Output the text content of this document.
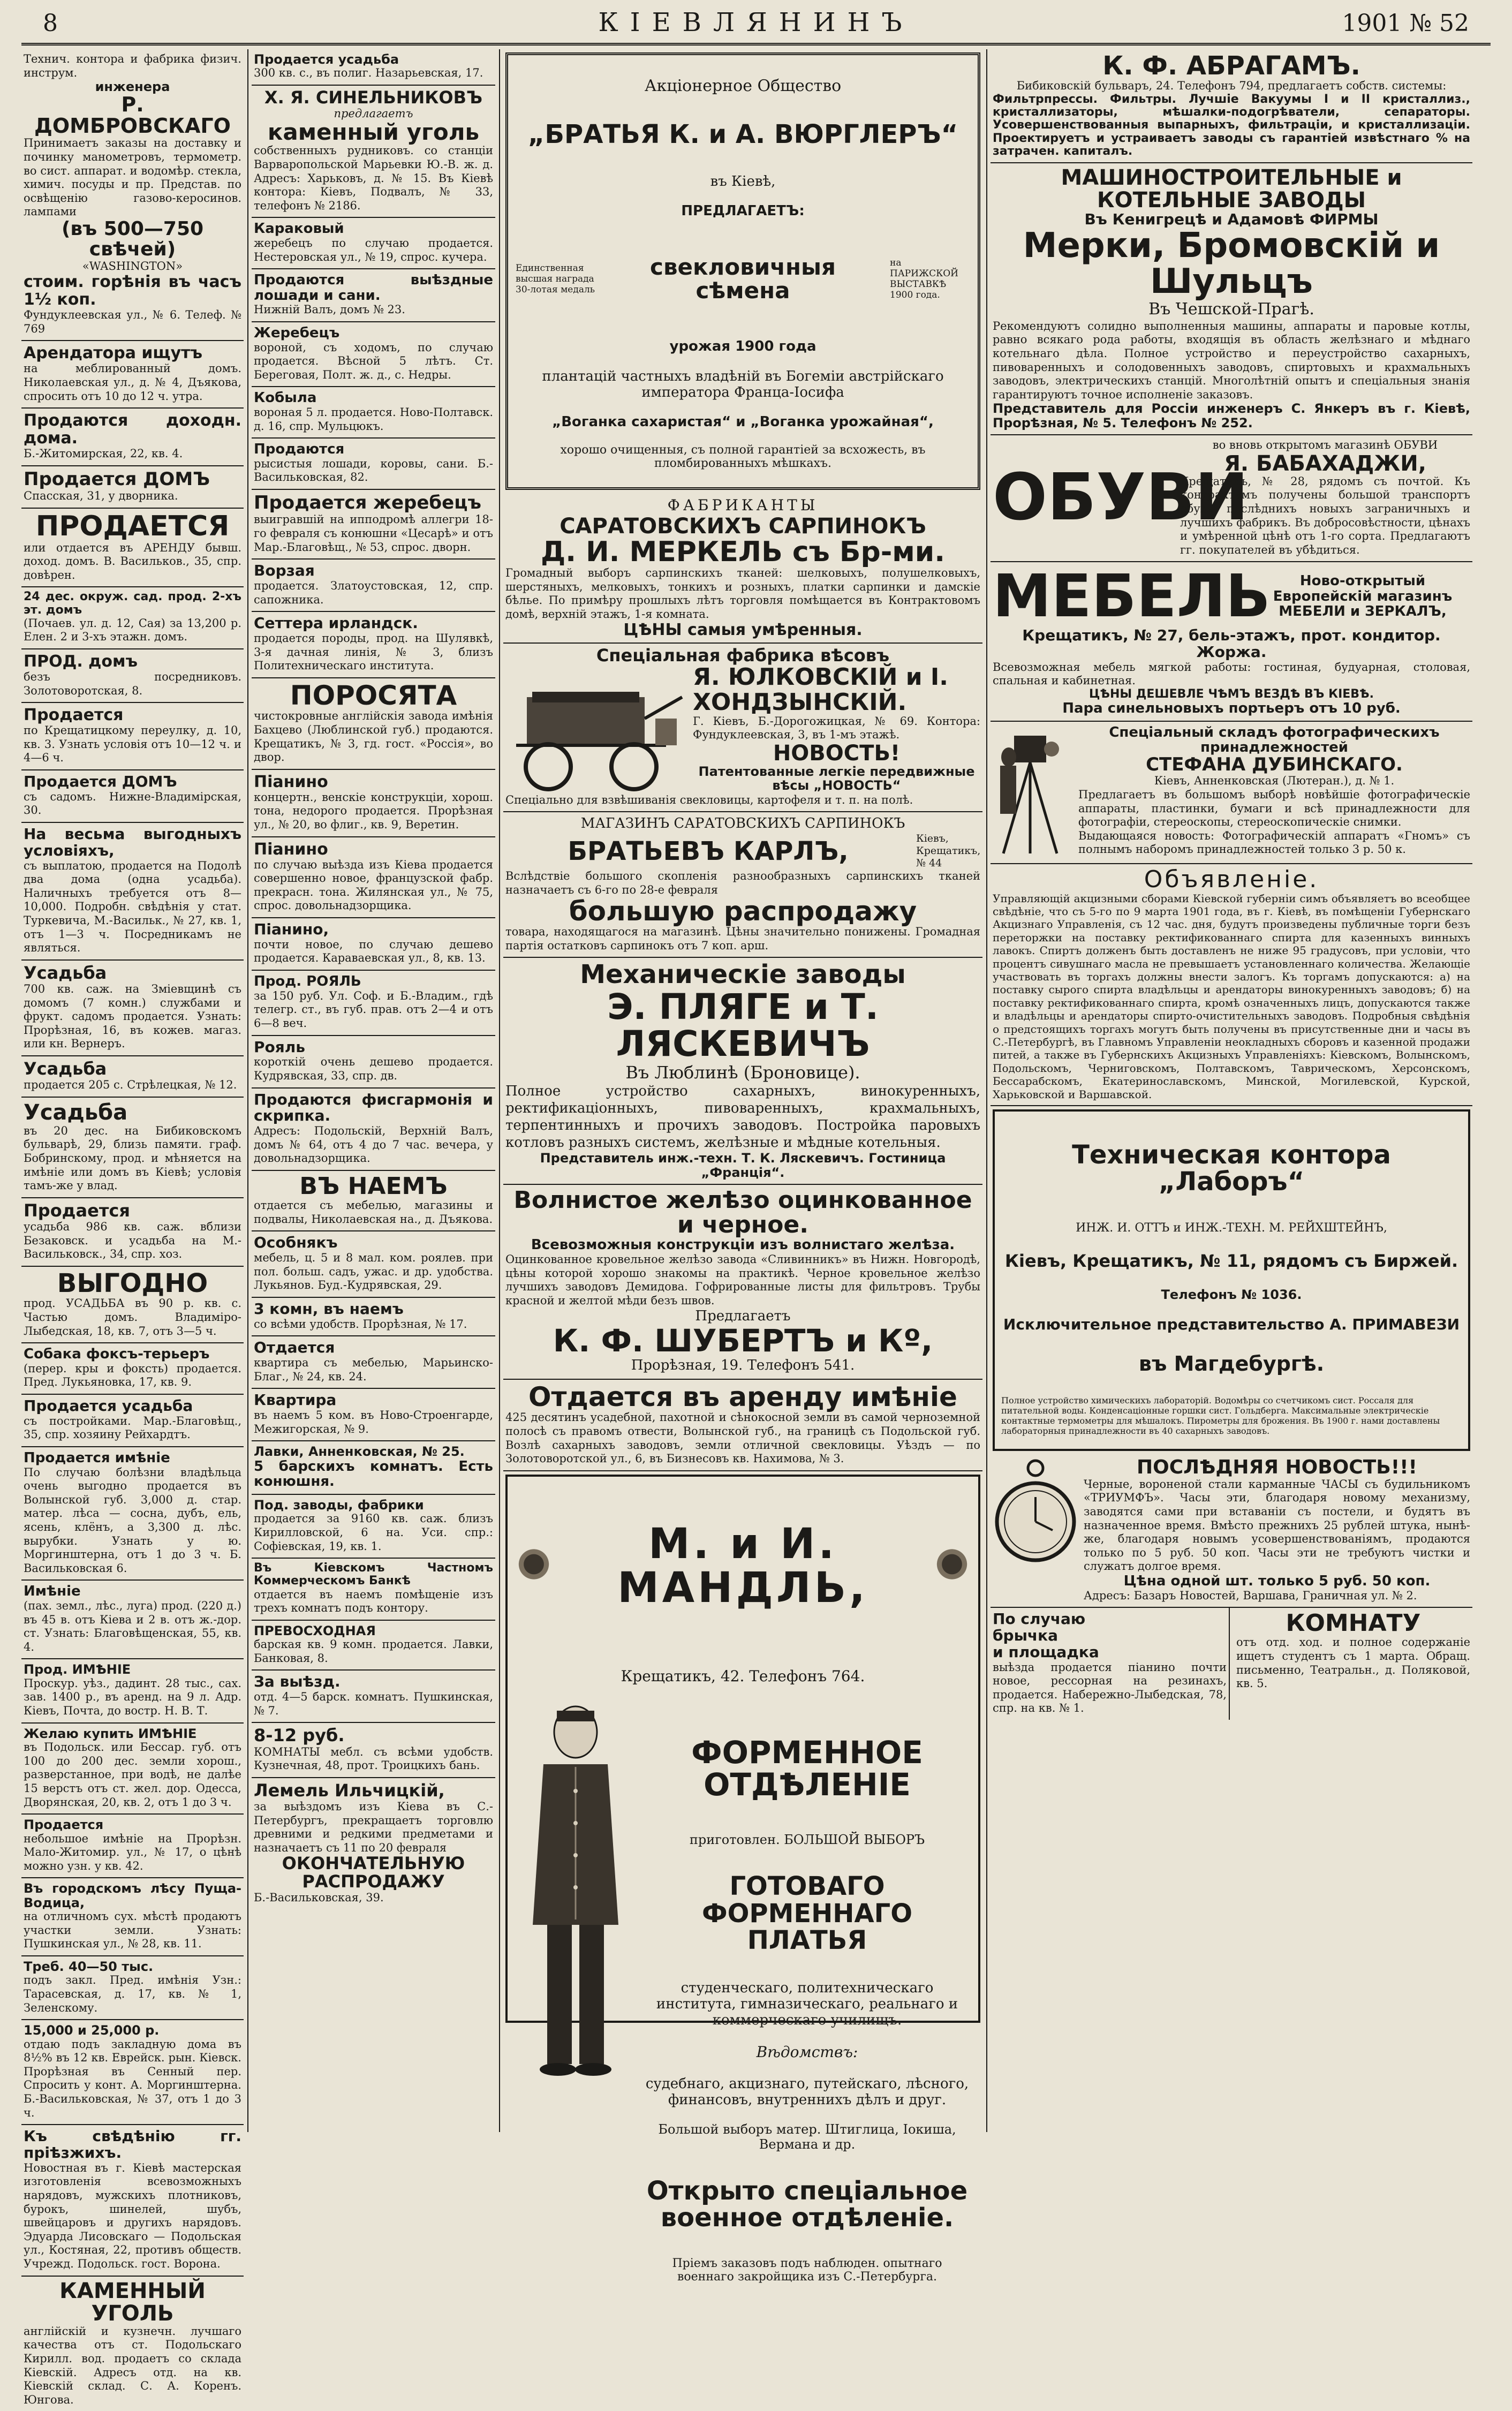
8	КІЕВЛЯНИНЪ	1901 № 52

Технич. контора и фабрика физич. инструм.

инженера

Р. ДОМБРОВСКАГО

Принимаетъ заказы на доставку и починку манометровъ, термометр. во сист. аппарат. и водомѣр. стекла, химич. посуды и пр. Представ. по освѣщенію газово-керосинов. лампами

(въ 500—750 свѣчей)

«WASHINGTON»

стоим. горѣнія въ часъ 1½ коп.

Фундуклеевская ул., № 6. Телеф. № 769

Арендатора ищутъ

на меблированный домъ. Николаевская ул., д. № 4, Дъякова, спросить отъ 10 до 12 ч. утра.

Продаются доходн. дома.

Б.-Житомирская, 22, кв. 4.

Продается ДОМЪ

Спасская, 31, у дворника.

ПРОДАЕТСЯ

или отдается въ АРЕНДУ бывш. доход. домъ. В. Васильков., 35, спр. довѣрен.

24 дес. окруж. сад. прод. 2-хъ эт. домъ

(Почаев. ул. д. 12, Сая) за 13,200 р. Елен. 2 и 3-хъ этажн. домъ.

ПРОД. домъ

безъ посредниковъ. Золотоворотская, 8.

Продается

по Крещатицкому переулку, д. 10, кв. 3. Узнать условія отъ 10—12 ч. и 4—6 ч.

Продается ДОМЪ

съ садомъ. Нижне-Владимірская, 30.

На весьма выгодныхъ условіяхъ,

съ выплатою, продается на Подолѣ два дома (одна усадьба). Наличныхъ требуется отъ 8—10,000. Подробн. свѣдѣнія у стат. Туркевича, М.-Васильк., № 27, кв. 1, отъ 1—3 ч. Посредникамъ не являться.

Усадьба

700 кв. саж. на Зміевщинѣ съ домомъ (7 комн.) службами и фрукт. садомъ продается. Узнать: Прорѣзная, 16, въ кожев. магаз. или кн. Вернеръ.

Усадьба

продается 205 с. Стрѣлецкая, № 12.

Усадьба

въ 20 дес. на Бибиковскомъ бульварѣ, 29, близь памяти. граф. Бобринскому, прод. и мѣняется на имѣніе или домъ въ Кіевѣ; условія тамъ-же у влад.

Продается

усадьба 986 кв. саж. вблизи Безаковск. и усадьба на М.-Васильковск., 34, спр. хоз.

ВЫГОДНО

прод. УСАДЬБА въ 90 р. кв. с. Частью домъ. Владиміро-Лыбедская, 18, кв. 7, отъ 3—5 ч.

Собака фоксъ-терьеръ

(перер. кры и фоксть) продается. Пред. Лукьяновка, 17, кв. 9.

Продается усадьба

съ постройками. Мар.-Благовѣщ., 35, спр. хозяину Рейхардтъ.

Продается имѣніе

По случаю болѣзни владѣльца очень выгодно продается въ Волынской губ. 3,000 д. стар. матер. лѣса — сосна, дубъ, ель, ясень, клёнъ, а 3,300 д. лѣс. вырубки. Узнать у ю. Моргинштерна, отъ 1 до 3 ч. Б. Васильковская 6.

Имѣніе

(пах. земл., лѣс., луга) прод. (220 д.) въ 45 в. отъ Кіева и 2 в. отъ ж.-дор. ст. Узнать: Благовѣщенская, 55, кв. 4.

Прод. ИМѢНІЕ

Проскур. уѣз., дадинт. 28 тыс., сах. зав. 1400 р., въ аренд. на 9 л. Адр. Кіевъ, Почта, до востр. Н. В. Т.

Желаю купить ИМѢНІЕ

въ Подольск. или Бессар. губ. отъ 100 до 200 дес. земли хорош., разверстанное, при водѣ, не далѣе 15 верстъ отъ ст. жел. дор. Одесса, Дворянская, 20, кв. 2, отъ 1 до 3 ч.

Продается

небольшое имѣніе на Прорѣзн. Мало-Житомир. ул., № 17, о цѣнѣ можно узн. у кв. 42.

Въ городскомъ лѣсу Пуща-Водица,

на отличномъ сух. мѣстѣ продаютъ участки земли. Узнать: Пушкинская ул., № 28, кв. 11.

Треб. 40—50 тыс.

подъ закл. Пред. имѣнія Узн.: Тарасевская, д. 17, кв. № 1, Зеленскому.

15,000 и 25,000 р.

отдаю подъ закладную дома въ 8½% въ 12 кв. Еврейск. рын. Кіевск. Прорѣзная въ Сенный пер. Спросить у конт. А. Моргинштерна. Б.-Васильковская, № 37, отъ 1 до 3 ч.

Къ свѣдѣнію гг. пріѣзжихъ.

Новостная въ г. Кіевѣ мастерская изготовленія всевозможныхъ нарядовъ, мужскихъ плотниковъ, бурокъ, шинелей, шубъ, швейцаровъ и другихъ нарядовъ. Эдуарда Лисовскаго — Подольская ул., Костяная, 22, противъ обществ. Учрежд. Подольск. гост. Ворона.

КАМЕННЫЙ УГОЛЬ

англійскій и кузнечн. лучшаго качества отъ ст. Подольскаго Кирилл. вод. продаетъ со склада Кіевскій. Адресъ отд. на кв. Кіевскій склад. С. А. Коренъ. Юнгова.

Продается усадьба

300 кв. с., въ полиг. Назарьевская, 17.

Х. Я. СИНЕЛЬНИКОВЪ

предлагаетъ

каменный уголь

собственныхъ рудниковъ. со станціи Варваропольской Марьевки Ю.-В. ж. д. Адресъ: Харьковъ, д. № 15. Въ Кіевѣ контора: Кіевъ, Подвалъ, № 33, телефонъ № 2186.

Караковый

жеребецъ по случаю продается. Нестеровская ул., № 19, спрос. кучера.

Продаются выѣздные лошади и сани.

Нижній Валъ, домъ № 23.

Жеребецъ

вороной, съ ходомъ, по случаю продается. Вѣсной 5 лѣтъ. Ст. Береговая, Полт. ж. д., с. Недры.

Кобыла

вороная 5 л. продается. Ново-Полтавск. д. 16, спр. Мульцюкъ.

Продаются

рысистыя лошади, коровы, сани. Б.-Васильковская, 82.

Продается жеребецъ

выигравшій на ипподромѣ аллегри 18-го февраля съ конюшни «Цесарѣ» и отъ Мар.-Благовѣщ., № 53, спрос. дворн.

Ворзая

продается. Златоустовская, 12, спр. сапожника.

Сеттера ирландск.

продается породы, прод. на Шулявкѣ, 3-я дачная линія, № 3, близъ Политехническаго института.

ПОРОСЯТА

чистокровные англійскія завода имѣнія Бахцево (Люблинской губ.) продаются. Крещатикъ, № 3, гд. гост. «Россія», во двор.

Піанино

концертн., венскіе конструкціи, хорош. тона, недорого продается. Прорѣзная ул., № 20, во флиг., кв. 9, Веретин.

Піанино

по случаю выѣзда изъ Кіева продается совершенно новое, французской фабр. прекрасн. тона. Жилянская ул., № 75, спрос. довольнадзорщика.

Піанино,

почти новое, по случаю дешево продается. Караваевская ул., 8, кв. 13.

Прод. РОЯЛЬ

за 150 руб. Ул. Соф. и Б.-Владим., гдѣ телегр. ст., въ губ. прав. отъ 2—4 и отъ 6—8 веч.

Рояль

короткій очень дешево продается. Кудрявская, 33, спр. дв.

Продаются фисгармонія и скрипка.

Адресъ: Подольскій, Верхній Валъ, домъ № 64, отъ 4 до 7 час. вечера, у довольнадзорщика.

ВЪ НАЕМЪ

отдается съ мебелью, магазины и подвалы, Николаевская на., д. Дъякова.

Особнякъ

мебель, ц. 5 и 8 мал. ком. роялев. при пол. больш. садъ, ужас. и др. удобства. Лукьянов. Буд.-Кудрявская, 29.

3 комн, въ наемъ

со всѣми удобств. Прорѣзная, № 17.

Отдается

квартира съ мебелью, Марьинско-Благ., № 24, кв. 24.

Квартира

въ наемъ 5 ком. въ Ново-Строенгарде, Межигорская, № 9.

Лавки, Анненковская, № 25.

5 барскихъ комнатъ. Есть конюшня.

Под. заводы, фабрики

продается за 9160 кв. саж. близъ Кирилловской, 6 на. Уси. спр.: Софіевская, 19, кв. 1.

Въ Кіевскомъ Частномъ Коммерческомъ Банкѣ

отдается въ наемъ помѣщеніе изъ трехъ комнатъ подъ контору.

ПРЕВОСХОДНАЯ

барская кв. 9 комн. продается. Лавки, Банковая, 8.

За выѣзд.

отд. 4—5 барск. комнатъ. Пушкинская, № 7.

8-12 руб.

КОМНАТЫ мебл. съ всѣми удобств. Кузнечная, 48, прот. Троицкихъ бань.

Лемель Ильчицкій,

за выѣздомъ изъ Кіева въ С.-Петербургъ, прекращаетъ торговлю древними и редкими предметами и назначаетъ съ 11 по 20 февраля

ОКОНЧАТЕЛЬНУЮ РАСПРОДАЖУ

Б.-Васильковская, 39.

Акціонерное Общество

„БРАТЬЯ К. и А. ВЮРГЛЕРЪ“

въ Кіевѣ,

ПРЕДЛАГАЕТЪ:

Единственная высшая награда 30-лотая медаль

свекловичныя сѣмена

на ПАРИЖСКОЙ ВЫСТАВКѢ 1900 года.

урожая 1900 года

плантацій частныхъ владѣній въ Богеміи австрійскаго императора Франца-Іосифа

„Воганка сахаристая“ и „Воганка урожайная“,

хорошо очищенныя, съ полной гарантіей за всхожесть, въ пломбированныхъ мѣшкахъ.

ФАБРИКАНТЫ

САРАТОВСКИХЪ САРПИНОКЪ

Д. И. МЕРКЕЛЬ съ Бр-ми.

Громадный выборъ сарпинскихъ тканей: шелковыхъ, полушелковыхъ, шерстяныхъ, мелковыхъ, тонкихъ и розныхъ, платки сарпинки и дамскіе бѣлье. По примѣру прошлыхъ лѣтъ торговля помѣщается въ Контрактовомъ домѣ, верхній этажъ, 1-я комната.

ЦѢНЫ самыя умѣренныя.

Спеціальная фабрика вѣсовъ

Я. ЮЛКОВСКІЙ и І. ХОНДЗЫНСКІЙ.

Г. Кіевъ, Б.-Дорогожицкая, № 69. Контора: Фундуклеевская, 3, въ 1-мъ этажѣ.

НОВОСТЬ!

Патентованные легкіе передвижные вѣсы „НОВОСТЬ“

Спеціально для взвѣшиванія свекловицы, картофеля и т. п. на полѣ.

МАГАЗИНЪ САРАТОВСКИХЪ САРПИНОКЪ

БРАТЬЕВЪ КАРЛЪ,	Кіевъ, Крещатикъ, № 44

Вслѣдствіе большого скопленія разнообразныхъ сарпинскихъ тканей назначаетъ съ 6-го по 28-е февраля

большую распродажу

товара, находящагося на магазинѣ. Цѣны значительно понижены. Громадная партія остатковъ сарпинокъ отъ 7 коп. арш.

Механическіе заводы

Э. ПЛЯГЕ и Т. ЛЯСКЕВИЧЪ

Въ Люблинѣ (Броновице).

Полное устройство сахарныхъ, винокуренныхъ, ректификаціонныхъ, пивоваренныхъ, крахмальныхъ, терпентинныхъ и прочихъ заводовъ. Постройка паровыхъ котловъ разныхъ системъ, желѣзные и мѣдные котельныя.

Представитель инж.-техн. Т. К. Ляскевичъ. Гостиница „Франція“.

Волнистое желѣзо оцинкованное и черное.

Всевозможныя конструкціи изъ волнистаго желѣза.

Оцинкованное кровельное желѣзо завода «Сливинникъ» въ Нижн. Новгородѣ, цѣны которой хорошо знакомы на практикѣ. Черное кровельное желѣзо лучшихъ заводовъ Демидова. Гофрированные листы для фильтровъ. Трубы красной и желтой мѣди безъ швов.

Предлагаетъ

К. Ф. ШУБЕРТЪ и Кº,

Прорѣзная, 19. Телефонъ 541.

Отдается въ аренду имѣніе

425 десятинъ усадебной, пахотной и сѣнокосной земли въ самой черноземной полосѣ съ правомъ отвести, Волынской губ., на границѣ съ Подольской губ. Возлѣ сахарныхъ заводовъ, земли отличной свекловицы. Уѣздъ — по Золотоворотской ул., 6, въ Бизнесовъ кв. Нахимова, № 3.

М. и И. МАНДЛЬ,

Крещатикъ, 42. Телефонъ 764.

ФОРМЕННОЕ ОТДѢЛЕНІЕ

приготовлен. БОЛЬШОЙ ВЫБОРЪ

ГОТОВАГО ФОРМЕННАГО ПЛАТЬЯ

студенческаго, политехническаго института, гимназическаго, реальнаго и коммерческаго училищъ.

Вѣдомствъ:

судебнаго, акцизнаго, путейскаго, лѣсного, финансовъ, внутреннихъ дѣлъ и друг.

Большой выборъ матер. Штиглица, Іокиша, Вермана и др.

Открыто спеціальное военное отдѣленіе.

Пріемъ заказовъ подъ наблюден. опытнаго военнаго закройщика изъ С.-Петербурга.

К. Ф. АБРАГАМЪ.

Бибиковскій бульваръ, 24. Телефонъ 794, предлагаетъ собств. системы:

Фильтрпрессы. Фильтры. Лучшіе Вакуумы I и II кристаллиз., кристаллизаторы, мѣшалки-подогрѣватели, сепараторы. Усовершенствованныя выпарныхъ, фильтраціи, и кристаллизаціи. Проектируетъ и устраиваетъ заводы съ гарантіей извѣстнаго % на затрачен. капиталъ.

МАШИНОСТРОИТЕЛЬНЫЕ и КОТЕЛЬНЫЕ ЗАВОДЫ

Въ Кенигрецѣ и Адамовѣ ФИРМЫ

Мерки, Бромовскій и Шульцъ

Въ Чешской-Прагѣ.

Рекомендуютъ солидно выполненныя машины, аппараты и паровые котлы, равно всякаго рода работы, входящія въ область желѣзнаго и мѣднаго котельнаго дѣла. Полное устройство и переустройство сахарныхъ, пивоваренныхъ и солодовенныхъ заводовъ, спиртовыхъ и крахмальныхъ заводовъ, электрическихъ станцій. Многолѣтній опытъ и спеціальныя знанія гарантируютъ точное исполненіе заказовъ.

Представитель для Россіи инженеръ С. Янкеръ въ г. Кіевѣ, Прорѣзная, № 5. Телефонъ № 252.

ОБУВИ

во вновь открытомъ магазинѣ ОБУВИ

Я. БАБАХАДЖИ,

Крещатикъ, № 28, рядомъ съ почтой. Къ контрактамъ получены большой транспортъ обуви послѣднихъ новыхъ заграничныхъ и лучшихъ фабрикъ. Въ добросовѣстности, цѣнахъ и умѣренной цѣнѣ отъ 1-го сорта. Предлагаютъ гг. покупателей въ убѣдиться.

МЕБЕЛЬ	Ново-открытый Европейскій магазинъ МЕБЕЛИ и ЗЕРКАЛЪ,

Крещатикъ, № 27, бель-этажъ, прот. кондитор. Жоржа.

Всевозможная мебель мягкой работы: гостиная, будуарная, столовая, спальная и кабинетная.

ЦѢНЫ ДЕШЕВЛЕ ЧѢМЪ ВЕЗДѢ ВЪ КІЕВѢ.

Пара синельновыхъ портьеръ отъ 10 руб.

Спеціальный складъ фотографическихъ принадлежностей

СТЕФАНА ДУБИНСКАГО.

Кіевъ, Анненковская (Лютеран.), д. № 1.

Предлагаетъ въ большомъ выборѣ новѣйшіе фотографическіе аппараты, пластинки, бумаги и всѣ принадлежности для фотографіи, стереоскопы, стереоскопическіе снимки.

Выдающаяся новость: Фотографическій аппаратъ «Гномъ» съ полнымъ наборомъ принадлежностей только 3 р. 50 к.

Объявленіе.

Управляющій акцизными сборами Кіевской губерніи симъ объявляетъ во всеобщее свѣдѣніе, что съ 5-го по 9 марта 1901 года, въ г. Кіевѣ, въ помѣщеніи Губернскаго Акцизнаго Управленія, съ 12 час. дня, будутъ произведены публичные торги безъ переторжки на поставку ректификованнаго спирта для казенныхъ винныхъ лавокъ. Спиртъ долженъ быть доставленъ не ниже 95 градусовъ, при условіи, что процентъ сивушнаго масла не превышаетъ установленнаго количества. Желающіе участвовать въ торгахъ должны внести залогъ. Къ торгамъ допускаются: а) на поставку сырого спирта владѣльцы и арендаторы винокуренныхъ заводовъ; б) на поставку ректификованнаго спирта, кромѣ означенныхъ лицъ, допускаются также и владѣльцы и арендаторы спирто-очистительныхъ заводовъ. Подробныя свѣдѣнія о предстоящихъ торгахъ могутъ быть получены въ присутственные дни и часы въ С.-Петербургѣ, въ Главномъ Управленіи неокладныхъ сборовъ и казенной продажи питей, а также въ Губернскихъ Акцизныхъ Управленіяхъ: Кіевскомъ, Волынскомъ, Подольскомъ, Черниговскомъ, Полтавскомъ, Таврическомъ, Херсонскомъ, Бессарабскомъ, Екатеринославскомъ, Минской, Могилевской, Курской, Харьковской и Варшавской.

Техническая контора „Лаборъ“

ИНЖ. И. ОТТЪ и ИНЖ.-ТЕХН. М. РЕЙХШТЕЙНЪ,

Кіевъ, Крещатикъ, № 11, рядомъ съ Биржей.

Телефонъ № 1036.

Исключительное представительство А. ПРИМАВЕЗИ

въ Магдебургѣ.

Полное устройство химическихъ лабораторій. Водомѣры со счетчикомъ сист. Россаля для питательной воды. Конденсаціонные горшки сист. Гольдберга. Максимальные электрическіе контактные термометры для мѣшалокъ. Пирометры для брожения. Въ 1900 г. нами доставлены лабораторныя принадлежности въ 40 сахарныхъ заводовъ.

ПОСЛѢДНЯЯ НОВОСТЬ!!!

Черные, вороненой стали карманные ЧАСЫ съ будильникомъ «ТРИУМФЪ». Часы эти, благодаря новому механизму, заводятся сами при вставаніи съ постели, и будятъ въ назначенное время. Вмѣсто прежнихъ 25 рублей штука, нынѣ-же, благодаря новымъ усовершенствованіямъ, продаются только по 5 руб. 50 коп. Часы эти не требуютъ чистки и служатъ долгое время.

Цѣна одной шт. только 5 руб. 50 коп.

Адресъ: Базаръ Новостей, Варшава, Граничная ул. № 2.

По случаю

брычка

и площадка

выѣзда продается піанино почти новое, рессорная на резинахъ, продается. Набережно-Лыбедская, 78, спр. на кв. № 1.

КОМНАТУ

отъ отд. ход. и полное содержаніе ищетъ студентъ съ 1 марта. Обращ. письменно, Театральн., д. Поляковой, кв. 5.
